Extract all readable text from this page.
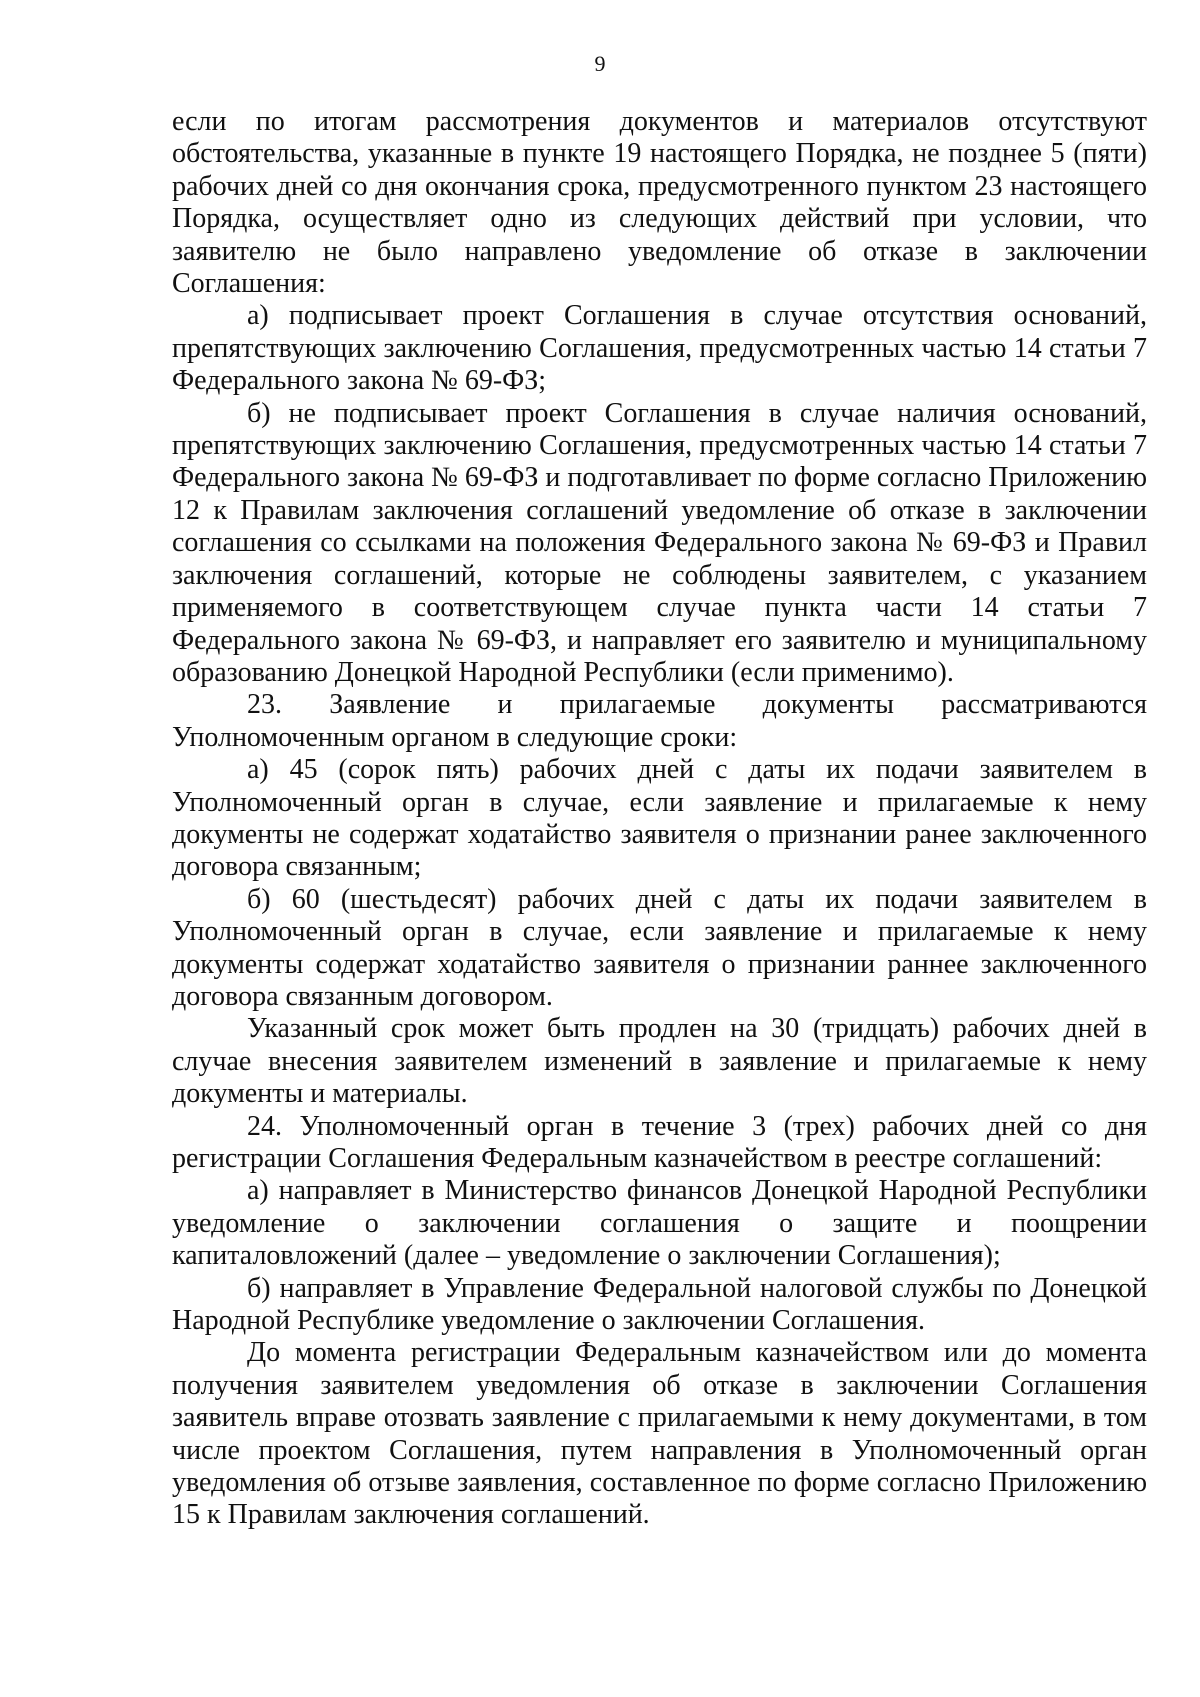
9

если по итогам рассмотрения документов и материалов отсутствуют обстоятельства, указанные в пункте 19 настоящего Порядка, не позднее 5 (пяти) рабочих дней со дня окончания срока, предусмотренного пунктом 23 настоящего Порядка, осуществляет одно из следующих действий при условии, что заявителю не было направлено уведомление об отказе в заключении Соглашения:

а) подписывает проект Соглашения в случае отсутствия оснований, препятствующих заключению Соглашения, предусмотренных частью 14 статьи 7 Федерального закона № 69-ФЗ;

б) не подписывает проект Соглашения в случае наличия оснований, препятствующих заключению Соглашения, предусмотренных частью 14 статьи 7 Федерального закона № 69-ФЗ и подготавливает по форме согласно Приложению 12 к Правилам заключения соглашений уведомление об отказе в заключении соглашения со ссылками на положения Федерального закона № 69-ФЗ и Правил заключения соглашений, которые не соблюдены заявителем, с указанием применяемого в соответствующем случае пункта части 14 статьи 7 Федерального закона № 69-ФЗ, и направляет его заявителю и муниципальному образованию Донецкой Народной Республики (если применимо).

23. Заявление и прилагаемые документы рассматриваются Уполномоченным органом в следующие сроки:

а) 45 (сорок пять) рабочих дней с даты их подачи заявителем в Уполномоченный орган в случае, если заявление и прилагаемые к нему документы не содержат ходатайство заявителя о признании ранее заключенного договора связанным;

б) 60 (шестьдесят) рабочих дней с даты их подачи заявителем в Уполномоченный орган в случае, если заявление и прилагаемые к нему документы содержат ходатайство заявителя о признании раннее заключенного договора связанным договором.

Указанный срок может быть продлен на 30 (тридцать) рабочих дней в случае внесения заявителем изменений в заявление и прилагаемые к нему документы и материалы.

24. Уполномоченный орган в течение 3 (трех) рабочих дней со дня регистрации Соглашения Федеральным казначейством в реестре соглашений:

а) направляет в Министерство финансов Донецкой Народной Республики уведомление о заключении соглашения о защите и поощрении капиталовложений (далее – уведомление о заключении Соглашения);

б) направляет в Управление Федеральной налоговой службы по Донецкой Народной Республике уведомление о заключении Соглашения.

До момента регистрации Федеральным казначейством или до момента получения заявителем уведомления об отказе в заключении Соглашения заявитель вправе отозвать заявление с прилагаемыми к нему документами, в том числе проектом Соглашения, путем направления в Уполномоченный орган уведомления об отзыве заявления, составленное по форме согласно Приложению 15 к Правилам заключения соглашений.
